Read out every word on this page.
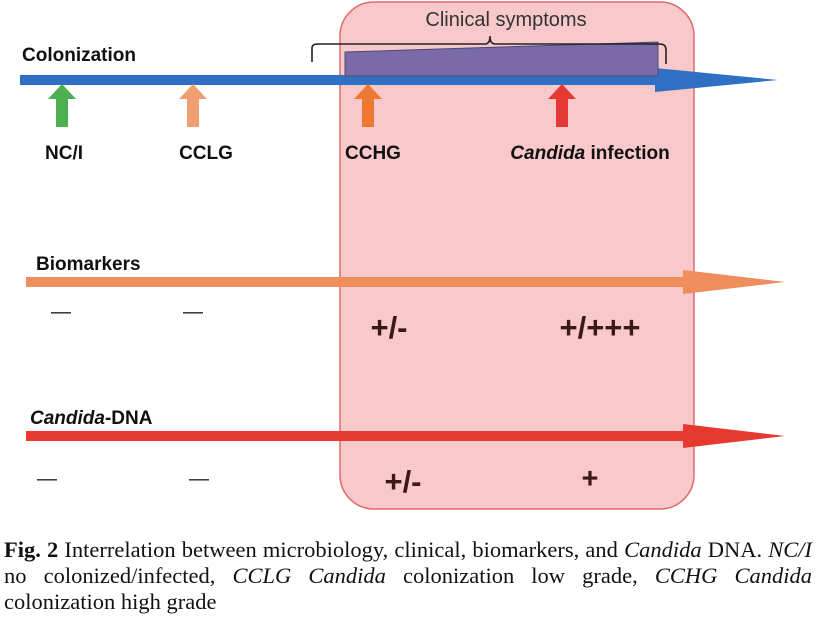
Clinical symptoms
Colonization
NC/I	CCLG	CCHG	Candida infection
Biomarkers
—	—	+/-	+/+++
Candida-DNA
—	—	+/-	+
Fig. 2 Interrelation between microbiology, clinical, biomarkers, and Candida DNA. NC/I no colonized/infected, CCLG Candida colonization low grade, CCHG Candida colonization high grade
